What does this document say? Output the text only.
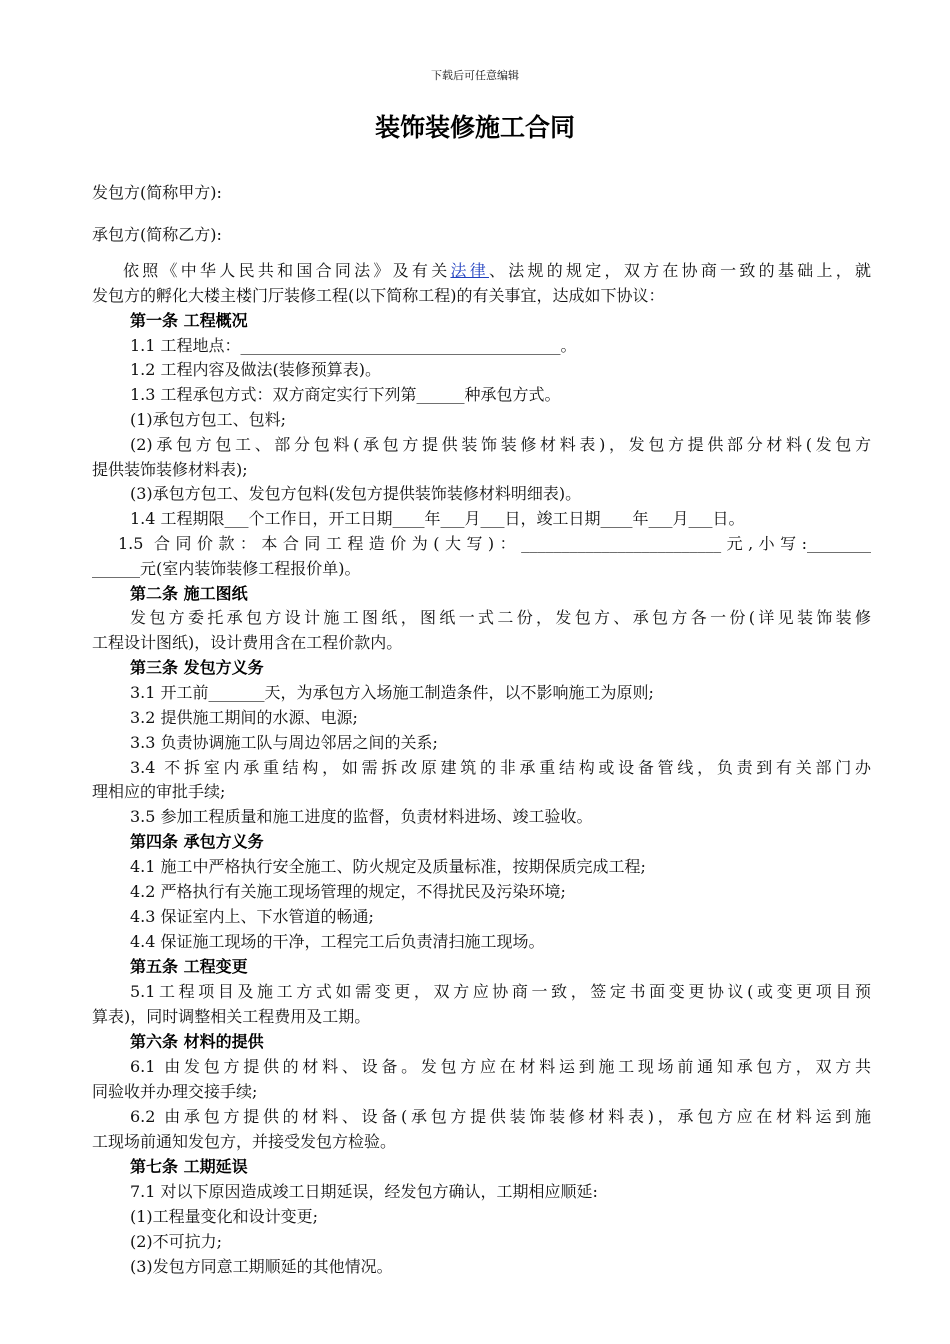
下载后可任意编辑
装饰装修施工合同
发包方(简称甲方):
承包方(简称乙方):
依照《中华人民共和国合同法》及有关法律、法规的规定，双方在协商一致的基础上，就
发包方的孵化大楼主楼门厅装修工程(以下简称工程)的有关事宜，达成如下协议：
第一条 工程概况
1.1 工程地点：________________________________________。
1.2 工程内容及做法(装修预算表)。
1.3 工程承包方式：双方商定实行下列第______种承包方式。
(1)承包方包工、包料;
(2)承包方包工、部分包料(承包方提供装饰装修材料表)，发包方提供部分材料(发包方
提供装饰装修材料表);
(3)承包方包工、发包方包料(发包方提供装饰装修材料明细表)。
1.4 工程期限___个工作日，开工日期____年___月___日，竣工日期____年___月___日。
1.5 合同价款：本合同工程造价为(大写)：_________________________元,小写:________
______元(室内装饰装修工程报价单)。
第二条 施工图纸
发包方委托承包方设计施工图纸，图纸一式二份，发包方、承包方各一份(详见装饰装修
工程设计图纸)，设计费用含在工程价款内。
第三条 发包方义务
3.1 开工前_______天，为承包方入场施工制造条件，以不影响施工为原则;
3.2 提供施工期间的水源、电源;
3.3 负责协调施工队与周边邻居之间的关系;
3.4 不拆室内承重结构，如需拆改原建筑的非承重结构或设备管线，负责到有关部门办
理相应的审批手续;
3.5 参加工程质量和施工进度的监督，负责材料进场、竣工验收。
第四条 承包方义务
4.1 施工中严格执行安全施工、防火规定及质量标准，按期保质完成工程;
4.2 严格执行有关施工现场管理的规定，不得扰民及污染环境;
4.3 保证室内上、下水管道的畅通;
4.4 保证施工现场的干净，工程完工后负责清扫施工现场。
第五条 工程变更
5.1工程项目及施工方式如需变更，双方应协商一致，签定书面变更协议(或变更项目预
算表)，同时调整相关工程费用及工期。
第六条 材料的提供
6.1 由发包方提供的材料、设备。发包方应在材料运到施工现场前通知承包方，双方共
同验收并办理交接手续;
6.2 由承包方提供的材料、设备(承包方提供装饰装修材料表)，承包方应在材料运到施
工现场前通知发包方，并接受发包方检验。
第七条 工期延误
7.1 对以下原因造成竣工日期延误，经发包方确认，工期相应顺延:
(1)工程量变化和设计变更;
(2)不可抗力;
(3)发包方同意工期顺延的其他情况。
